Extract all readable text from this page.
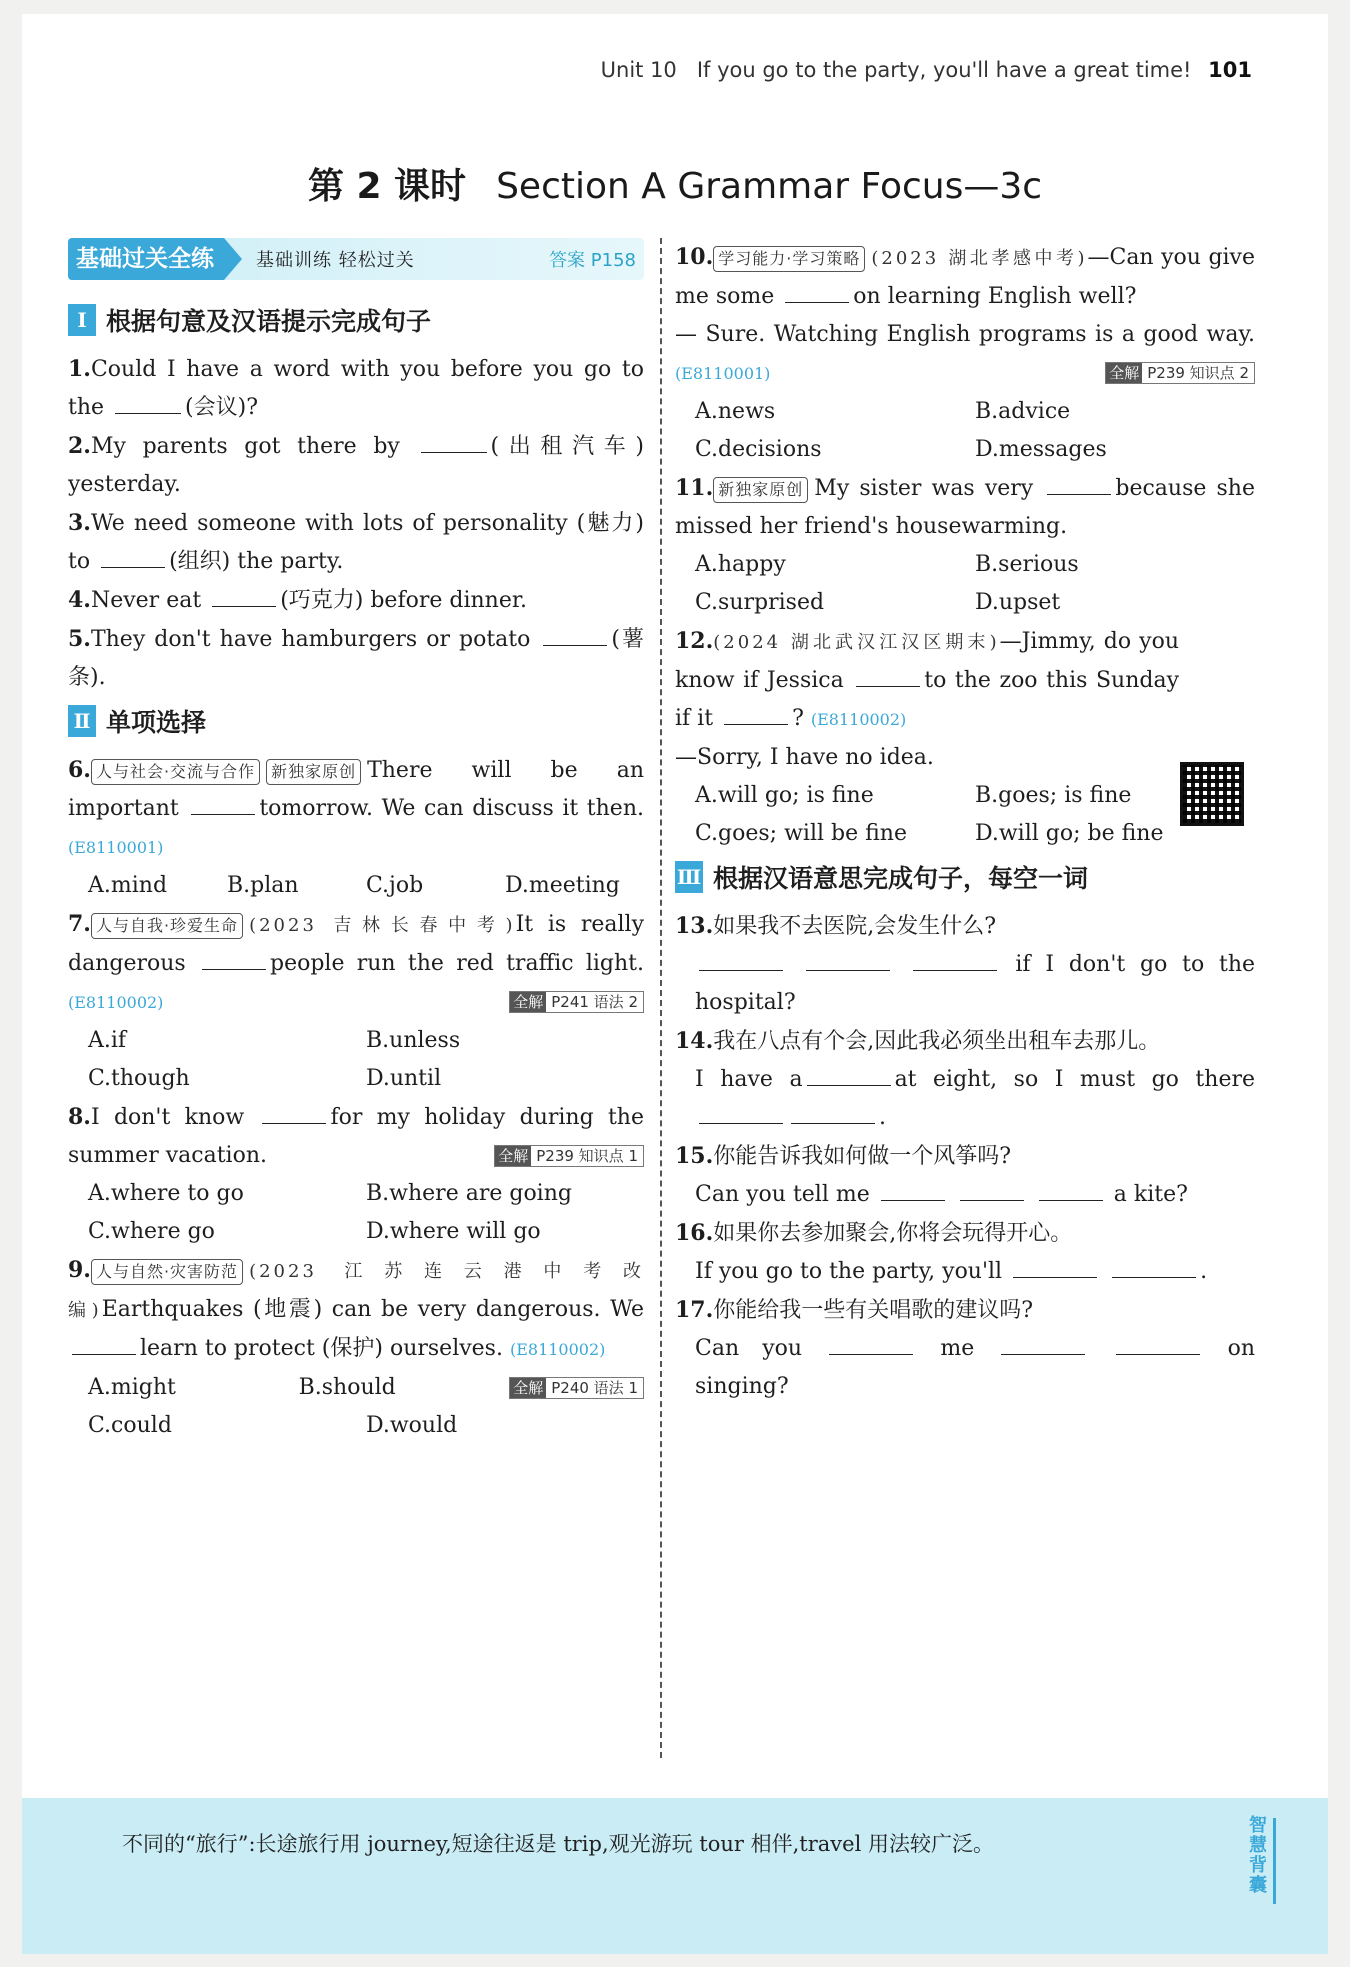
Unit 10 If you go to the party, you'll have a great time! 101
第 2 课时 Section A Grammar Focus—3c
基础过关全练	基础训练 轻松过关	答案 P158
Ⅰ 根据句意及汉语提示完成句子
1.Could I have a word with you before you go to the	(会议)?
2.My parents got there by	(出租汽车) yesterday.
3.We need someone with lots of personality (魅力) to	(组织) the party.
4.Never eat	(巧克力) before dinner.
5.They don't have hamburgers or potato	(薯条).
Ⅱ 单项选择
6. 人与社会·交流与合作 新独家原创 There will be an important	tomorrow. We can discuss it then. (E8110001)
A.mind	B.plan	C.job	D.meeting
7. 人与自我·珍爱生命 (2023 吉林长春中考)It is really dangerous	people run the red traffic light. (E8110002)	全解 P241 语法 2
A.if	B.unless
C.though	D.until
8.I don't know	for my holiday during the summer vacation.	全解 P239 知识点 1
A.where to go	B.where are going
C.where go	D.where will go
9. 人与自然·灾害防范 (2023 江苏连云港中考改编)Earthquakes (地震) can be very dangerous. We learn to protect (保护) ourselves. (E8110002)
全解 P240 语法 1
A.might	B.should
C.could	D.would
10. 学习能力·学习策略 (2023 湖北孝感中考)—Can you give me some	on learning English well?
— Sure. Watching English programs is a good way. (E8110001)	全解 P239 知识点 2
A.news	B.advice
C.decisions	D.messages
11. 新独家原创 My sister was very	because she missed her friend's housewarming.
A.happy	B.serious
C.surprised	D.upset
12.(2024 湖北武汉江汉区期末)—Jimmy, do you know if Jessica	to the zoo this Sunday if it	? (E8110002)
—Sorry, I have no idea.
A.will go; is fine	B.goes; is fine
C.goes; will be fine	D.will go; be fine
Ⅲ 根据汉语意思完成句子，每空一词
13.如果我不去医院,会发生什么?
if I don't go to the hospital?
14.我在八点有个会,因此我必须坐出租车去那儿。
I have a	at eight, so I must go there .
15.你能告诉我如何做一个风筝吗?
Can you tell me	a kite?
16.如果你去参加聚会,你将会玩得开心。
If you go to the party, you'll	.
17.你能给我一些有关唱歌的建议吗?
Can you	me	on singing?
不同的“旅行”:长途旅行用 journey,短途往返是 trip,观光游玩 tour 相伴,travel 用法较广泛。
智慧背囊
